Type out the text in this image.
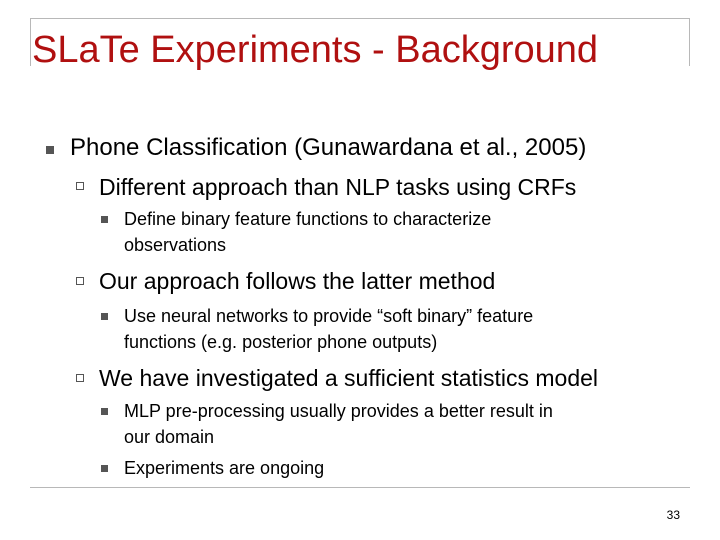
SLaTe Experiments - Background
Phone Classification (Gunawardana et al., 2005)
Different approach than NLP tasks using CRFs
Define binary feature functions to characterize
observations
Our approach follows the latter method
Use neural networks to provide “soft binary” feature
functions (e.g. posterior phone outputs)
We have investigated a sufficient statistics model
MLP pre-processing usually provides a better result in
our domain
Experiments are ongoing
33
